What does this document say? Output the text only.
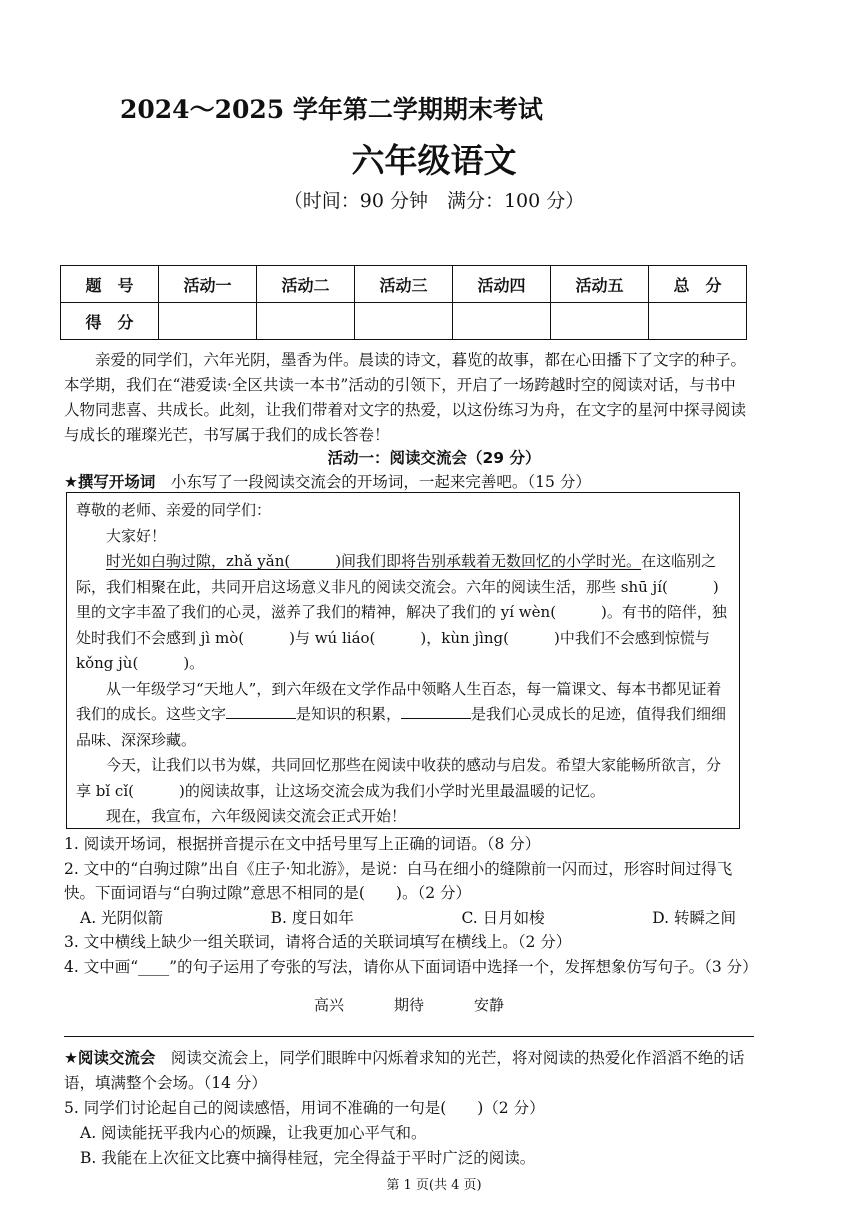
2024～2025 学年第二学期期末考试
六年级语文
（时间：90 分钟　满分：100 分）
题　号	活动一	活动二	活动三	活动四	活动五	总　分
得　分						
亲爱的同学们，六年光阴，墨香为伴。晨读的诗文，暮览的故事，都在心田播下了文字的种子。本学期，我们在“港爱读·全区共读一本书”活动的引领下，开启了一场跨越时空的阅读对话，与书中人物同悲喜、共成长。此刻，让我们带着对文字的热爱，以这份练习为舟，在文字的星河中探寻阅读与成长的璀璨光芒，书写属于我们的成长答卷！
活动一：阅读交流会（29 分）
★撰写开场词　 小东写了一段阅读交流会的开场词，一起来完善吧。（15 分）

尊敬的老师、亲爱的同学们：

大家好！

时光如白驹过隙，zhǎ yǎn(　　　)间我们即将告别承载着无数回忆的小学时光。在这临别之际，我们相聚在此，共同开启这场意义非凡的阅读交流会。六年的阅读生活，那些 shū jí(　　　)里的文字丰盈了我们的心灵，滋养了我们的精神，解决了我们的 yí wèn(　　　)。有书的陪伴，独处时我们不会感到 jì mò(　　　)与 wú liáo(　　　)，kùn jìng(　　　)中我们不会感到惊慌与 kǒng jù(　　　)。

从一年级学习“天地人”，到六年级在文学作品中领略人生百态，每一篇课文、每本书都见证着我们的成长。这些文字	是知识的积累，	是我们心灵成长的足迹，值得我们细细品味、深深珍藏。

今天，让我们以书为媒，共同回忆那些在阅读中收获的感动与启发。希望大家能畅所欲言，分享 bǐ cǐ(　　　)的阅读故事，让这场交流会成为我们小学时光里最温暖的记忆。

现在，我宣布，六年级阅读交流会正式开始！

1. 阅读开场词，根据拼音提示在文中括号里写上正确的词语。（8 分）

2. 文中的“白驹过隙”出自《庄子·知北游》，是说：白马在细小的缝隙前一闪而过，形容时间过得飞快。下面词语与“白驹过隙”意思不相同的是(　　)。（2 分）

A. 光阴似箭	B. 度日如年	C. 日月如梭	D. 转瞬之间

3. 文中横线上缺少一组关联词，请将合适的关联词填写在横线上。（2 分）

4. 文中画“____”的句子运用了夸张的写法，请你从下面词语中选择一个，发挥想象仿写句子。（3 分）

高兴	期待	安静

★阅读交流会　 阅读交流会上，同学们眼眸中闪烁着求知的光芒，将对阅读的热爱化作滔滔不绝的话语，填满整个会场。（14 分）

5. 同学们讨论起自己的阅读感悟，用词不准确的一句是(　　)（2 分）

A. 阅读能抚平我内心的烦躁，让我更加心平气和。

B. 我能在上次征文比赛中摘得桂冠，完全得益于平时广泛的阅读。

第 1 页(共 4 页)
